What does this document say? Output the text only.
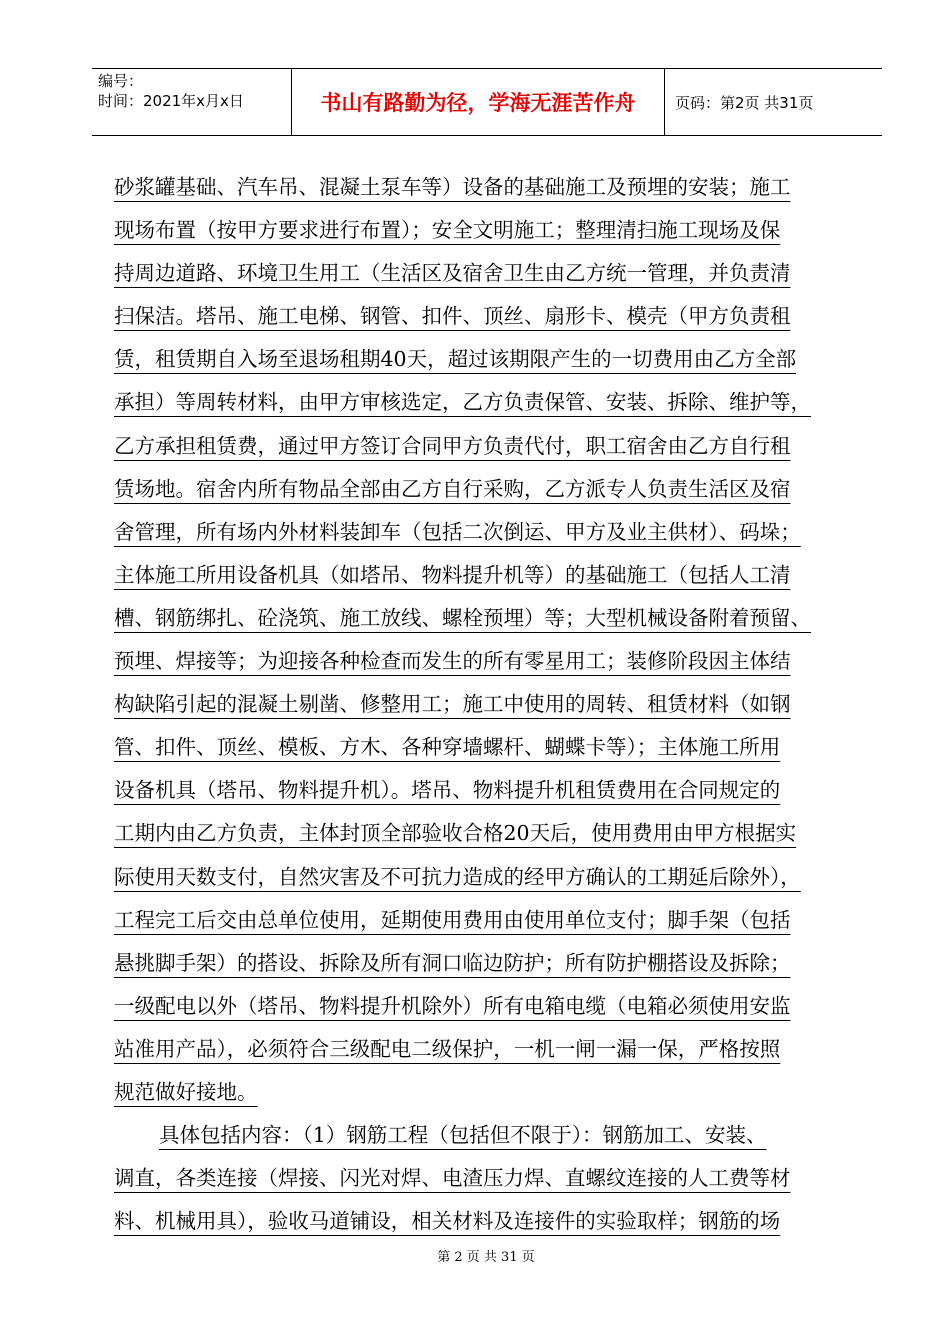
编号：
时间：2021年x月x日	书山有路勤为径，学海无涯苦作舟	页码：第2页 共31页
砂浆罐基础、汽车吊、混凝土泵车等）设备的基础施工及预埋的安装；施工
现场布置（按甲方要求进行布置）；安全文明施工；整理清扫施工现场及保
持周边道路、环境卫生用工（生活区及宿舍卫生由乙方统一管理，并负责清
扫保洁。塔吊、施工电梯、钢管、扣件、顶丝、扇形卡、模壳（甲方负责租
赁，租赁期自入场至退场租期40天，超过该期限产生的一切费用由乙方全部
承担）等周转材料，由甲方审核选定，乙方负责保管、安装、拆除、维护等，
乙方承担租赁费，通过甲方签订合同甲方负责代付，职工宿舍由乙方自行租
赁场地。宿舍内所有物品全部由乙方自行采购，乙方派专人负责生活区及宿
舍管理，所有场内外材料装卸车（包括二次倒运、甲方及业主供材）、码垛；
主体施工所用设备机具（如塔吊、物料提升机等）的基础施工（包括人工清
槽、钢筋绑扎、砼浇筑、施工放线、螺栓预埋）等；大型机械设备附着预留、
预埋、焊接等；为迎接各种检查而发生的所有零星用工；装修阶段因主体结
构缺陷引起的混凝土剔凿、修整用工；施工中使用的周转、租赁材料（如钢
管、扣件、顶丝、模板、方木、各种穿墙螺杆、蝴蝶卡等）；主体施工所用
设备机具（塔吊、物料提升机）。塔吊、物料提升机租赁费用在合同规定的
工期内由乙方负责，主体封顶全部验收合格20天后，使用费用由甲方根据实
际使用天数支付，自然灾害及不可抗力造成的经甲方确认的工期延后除外），
工程完工后交由总单位使用，延期使用费用由使用单位支付；脚手架（包括
悬挑脚手架）的搭设、拆除及所有洞口临边防护；所有防护棚搭设及拆除；
一级配电以外（塔吊、物料提升机除外）所有电箱电缆（电箱必须使用安监
站准用产品），必须符合三级配电二级保护，一机一闸一漏一保，严格按照
规范做好接地。
具体包括内容：（1）钢筋工程（包括但不限于）：钢筋加工、安装、
调直，各类连接（焊接、闪光对焊、电渣压力焊、直螺纹连接的人工费等材
料、机械用具），验收马道铺设，相关材料及连接件的实验取样；钢筋的场
第 2 页 共 31 页
